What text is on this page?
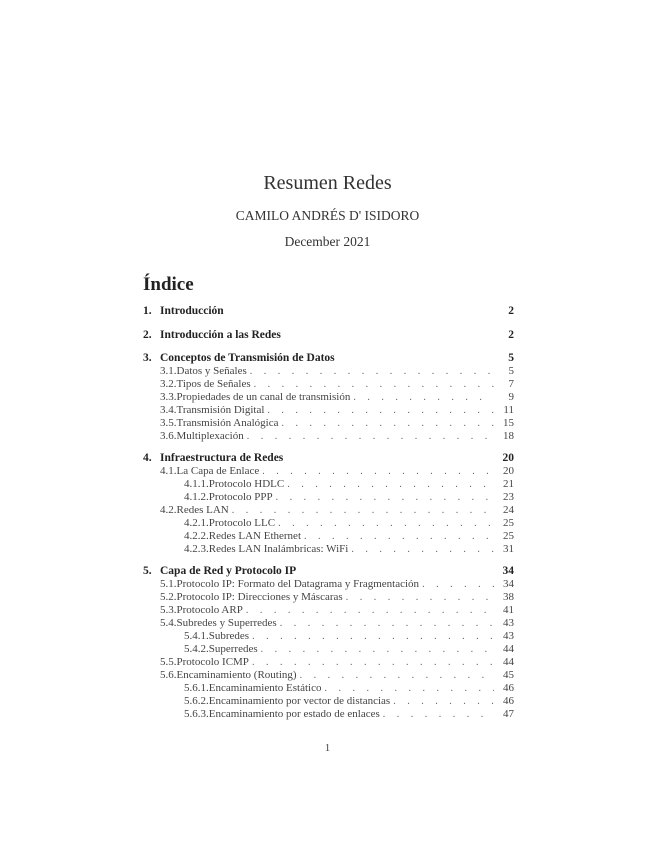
Resumen Redes
CAMILO ANDRÉS D' ISIDORO
December 2021
Índice
1. Introducción	2
2. Introducción a las Redes	2
3. Conceptos de Transmisión de Datos	5
3.1. Datos y Señales . . .	5
3.2. Tipos de Señales . . .	7
3.3. Propiedades de un canal de transmisión . . .	9
3.4. Transmisión Digital . . .	11
3.5. Transmisión Analógica . . .	15
3.6. Multiplexación . . .	18
4. Infraestructura de Redes	20
4.1. La Capa de Enlace . . .	20
4.1.1. Protocolo HDLC . . .	21
4.1.2. Protocolo PPP . . .	23
4.2. Redes LAN . . .	24
4.2.1. Protocolo LLC . . .	25
4.2.2. Redes LAN Ethernet . . .	25
4.2.3. Redes LAN Inalámbricas: WiFi . . .	31
5. Capa de Red y Protocolo IP	34
5.1. Protocolo IP: Formato del Datagrama y Fragmentación . . .	34
5.2. Protocolo IP: Direcciones y Máscaras . . .	38
5.3. Protocolo ARP . . .	41
5.4. Subredes y Superredes . . .	43
5.4.1. Subredes . . .	43
5.4.2. Superredes . . .	44
5.5. Protocolo ICMP . . .	44
5.6. Encaminamiento (Routing) . . .	45
5.6.1. Encaminamiento Estático . . .	46
5.6.2. Encaminamiento por vector de distancias . . .	46
5.6.3. Encaminamiento por estado de enlaces . . .	47
1
